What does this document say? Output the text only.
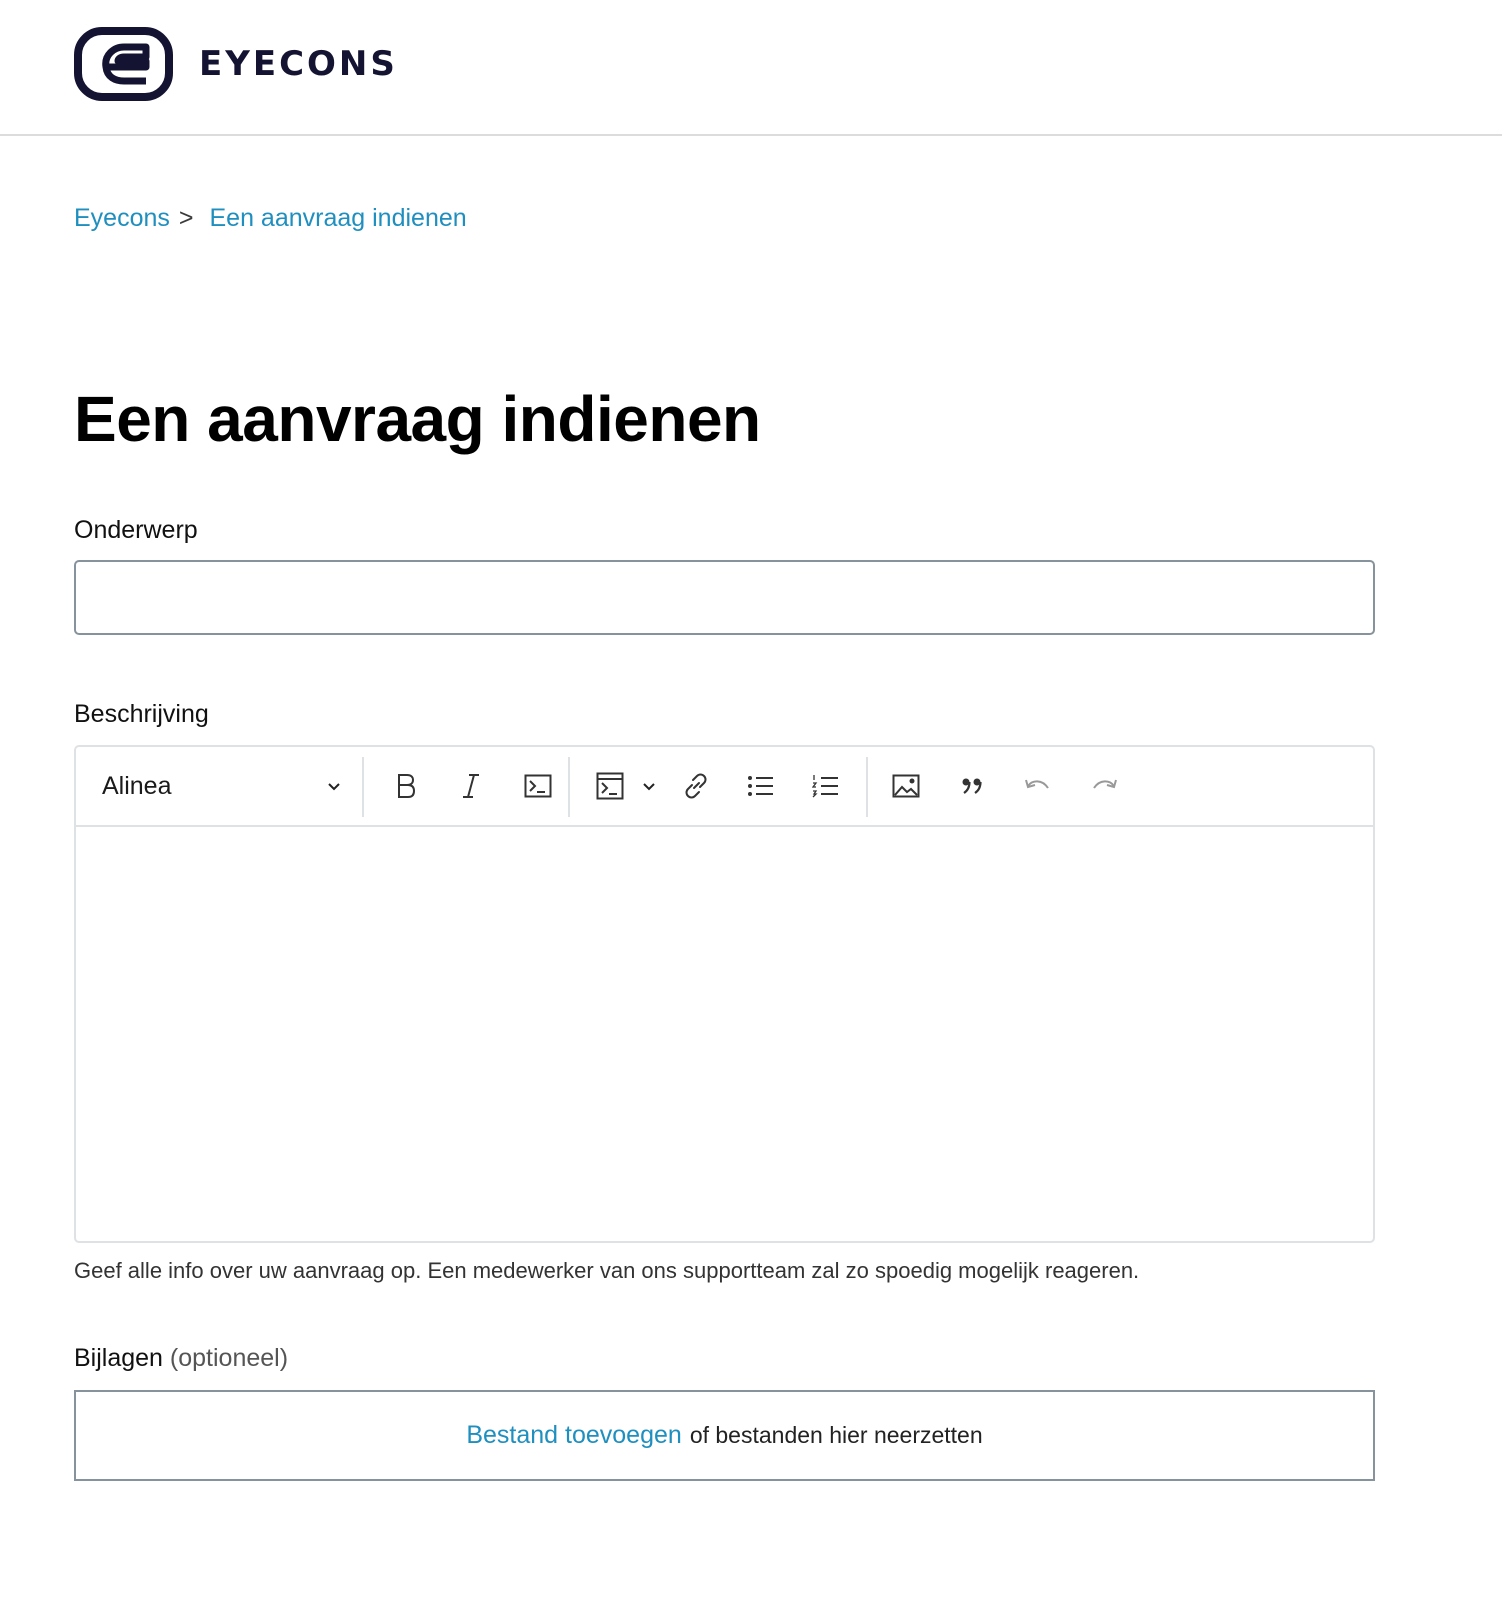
EYECONS
Eyecons > Een aanvraag indienen
Een aanvraag indienen
Onderwerp
Beschrijving
Alinea

Geef alle info over uw aanvraag op. Een medewerker van ons supportteam zal zo spoedig mogelijk reageren.

Bijlagen (optioneel)
Bestand toevoegen of bestanden hier neerzetten
